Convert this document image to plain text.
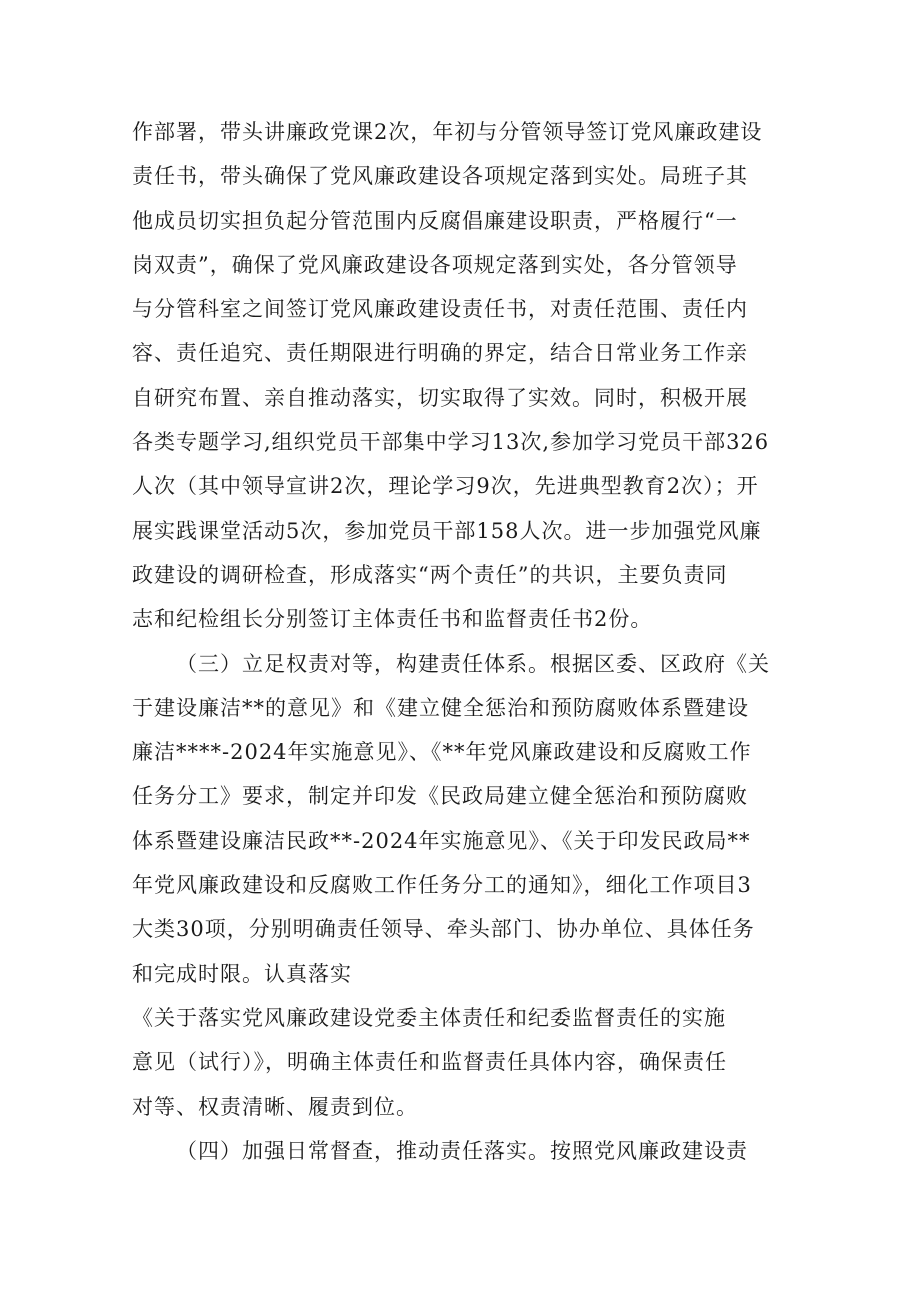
作部署，带头讲廉政党课2次，年初与分管领导签订党风廉政建设
责任书，带头确保了党风廉政建设各项规定落到实处。局班子其
他成员切实担负起分管范围内反腐倡廉建设职责，严格履行“一
岗双责”，确保了党风廉政建设各项规定落到实处，各分管领导
与分管科室之间签订党风廉政建设责任书，对责任范围、责任内
容、责任追究、责任期限进行明确的界定，结合日常业务工作亲
自研究布置、亲自推动落实，切实取得了实效。同时，积极开展
各类专题学习,组织党员干部集中学习13次,参加学习党员干部326
人次（其中领导宣讲2次，理论学习9次，先进典型教育2次）；开
展实践课堂活动5次，参加党员干部158人次。进一步加强党风廉
政建设的调研检查，形成落实“两个责任”的共识，主要负责同
志和纪检组长分别签订主体责任书和监督责任书2份。
（三）立足权责对等，构建责任体系。根据区委、区政府《关
于建设廉洁**的意见》和《建立健全惩治和预防腐败体系暨建设
廉洁****-2024年实施意见》、《**年党风廉政建设和反腐败工作
任务分工》要求，制定并印发《民政局建立健全惩治和预防腐败
体系暨建设廉洁民政**-2024年实施意见》、《关于印发民政局**
年党风廉政建设和反腐败工作任务分工的通知》，细化工作项目3
大类30项，分别明确责任领导、牵头部门、协办单位、具体任务
和完成时限。认真落实
《关于落实党风廉政建设党委主体责任和纪委监督责任的实施
意见（试行）》，明确主体责任和监督责任具体内容，确保责任
对等、权责清晰、履责到位。
（四）加强日常督查，推动责任落实。按照党风廉政建设责
